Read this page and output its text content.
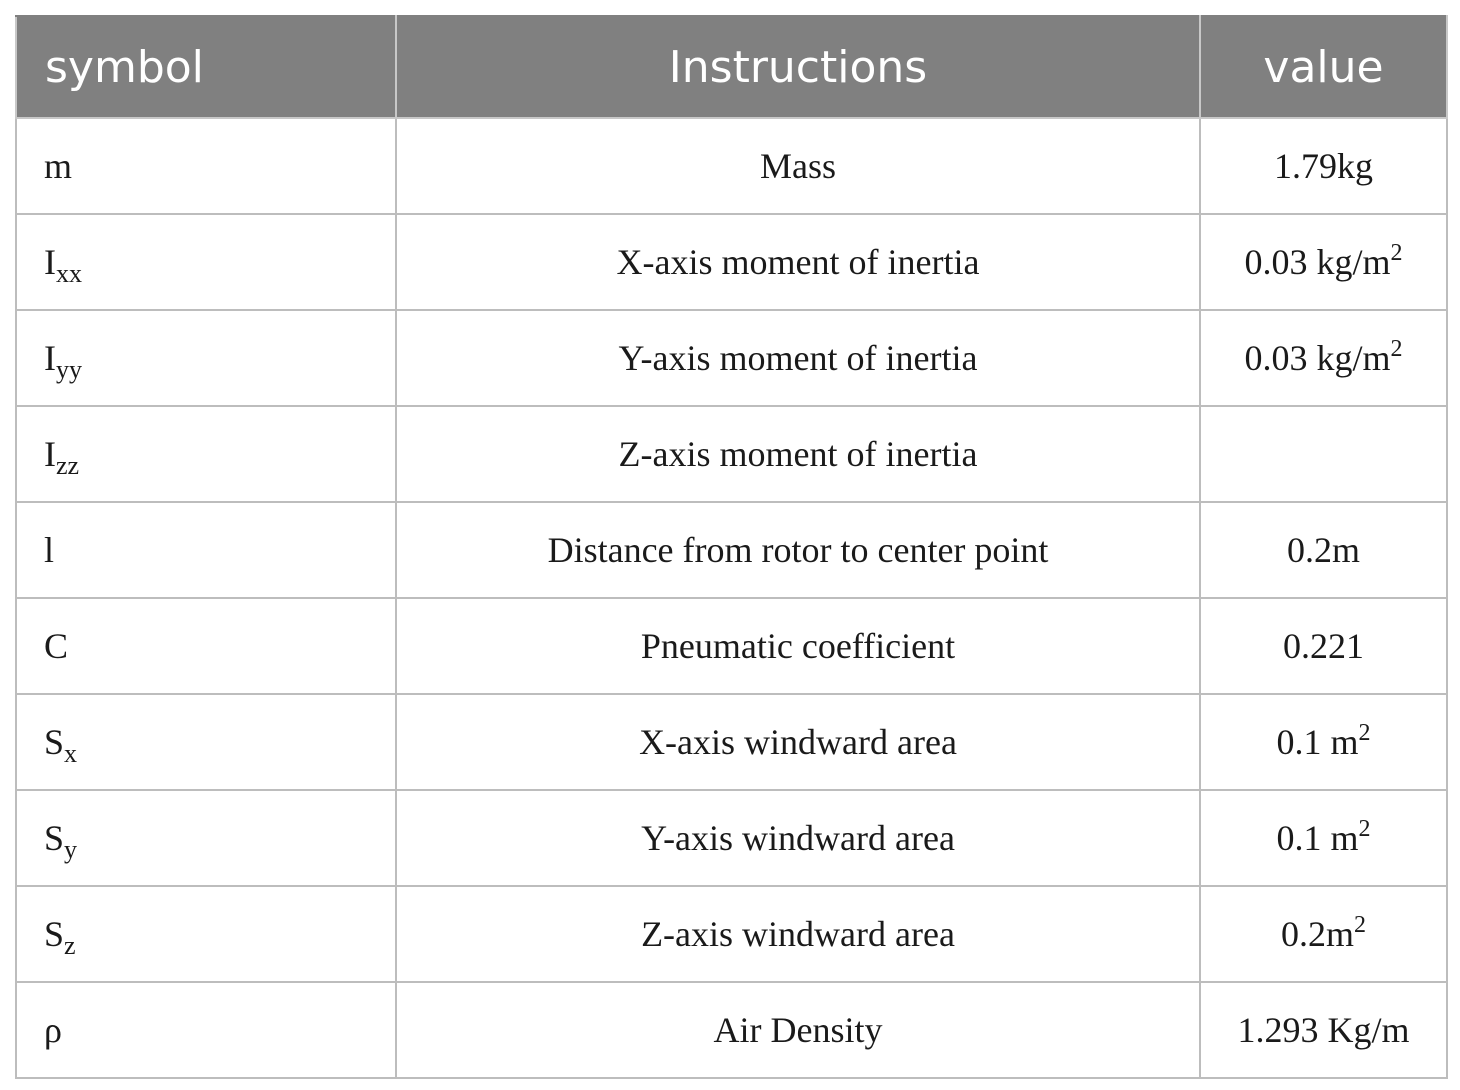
symbol	Instructions	value
m	Mass	1.79kg
$I_{xx}$	X-axis moment of inertia	0.03 $kg/m^2$
$I_{yy}$	Y-axis moment of inertia	0.03 $kg/m^2$
$I_{zz}$	Z-axis moment of inertia	
l	Distance from rotor to center point	0.2m
C	Pneumatic coefficient	0.221
$S_x$	X-axis windward area	0.1 $m^2$
$S_y$	Y-axis windward area	0.1 $m^2$
$S_z$	Z-axis windward area	$0.2m^2$
ρ	Air Density	1.293 Kg/m
